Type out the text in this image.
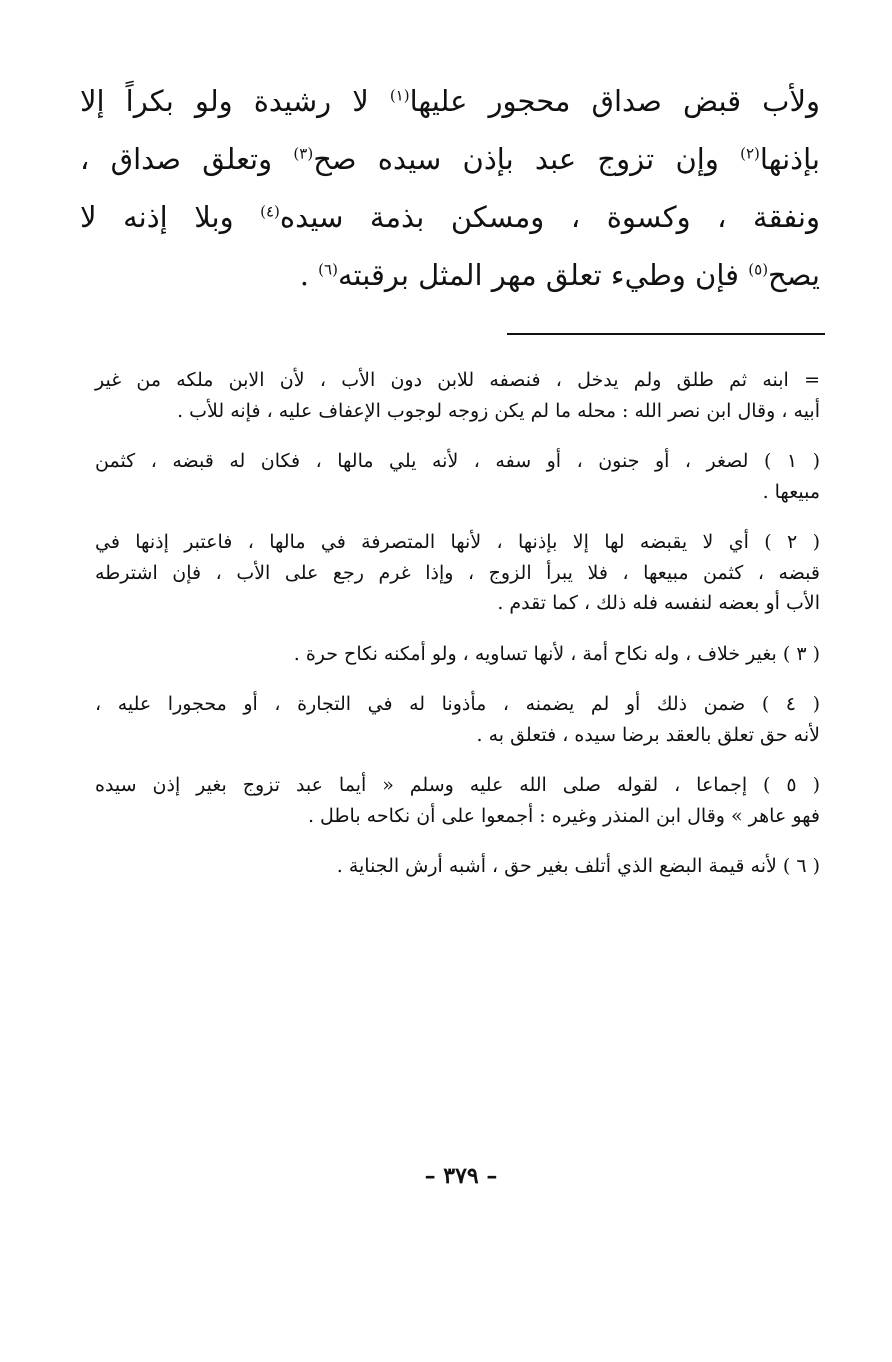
ولأب قبض صداق محجور عليها$^{(١)}$ لا رشيدة ولو بكراً إلا
بإذنها$^{(٢)}$ وإن تزوج عبد بإذن سيده صح$^{(٣)}$ وتعلق صداق ،
ونفقة ، وكسوة ، ومسكن بذمة سيده$^{(٤)}$ وبلا إذنه لا
يصح$^{(٥)}$ فإن وطيء تعلق مهر المثل برقبته$^{(٦)}$ .

= ابنه ثم طلق ولم يدخل ، فنصفه للابن دون الأب ، لأن الابن ملكه من غير
أبيه ، وقال ابن نصر الله : محله ما لم يكن زوجه لوجوب الإعفاف عليه ، فإنه للأب .

( ١ ) لصغر ، أو جنون ، أو سفه ، لأنه يلي مالها ، فكان له قبضه ، كثمن
مبيعها .

( ٢ ) أي لا يقبضه لها إلا بإذنها ، لأنها المتصرفة في مالها ، فاعتبر إذنها في
قبضه ، كثمن مبيعها ، فلا يبرأ الزوج ، وإذا غرم رجع على الأب ، فإن اشترطه
الأب أو بعضه لنفسه فله ذلك ، كما تقدم .

( ٣ ) بغير خلاف ، وله نكاح أمة ، لأنها تساويه ، ولو أمكنه نكاح حرة .

( ٤ ) ضمن ذلك أو لم يضمنه ، مأذونا له في التجارة ، أو محجورا عليه ،
لأنه حق تعلق بالعقد برضا سيده ، فتعلق به .

( ٥ ) إجماعا ، لقوله صلى الله عليه وسلم « أيما عبد تزوج بغير إذن سيده
فهو عاهر » وقال ابن المنذر وغيره : أجمعوا على أن نكاحه باطل .

( ٦ ) لأنه قيمة البضع الذي أتلف بغير حق ، أشبه أرش الجناية .

– ٣٧٩ –
